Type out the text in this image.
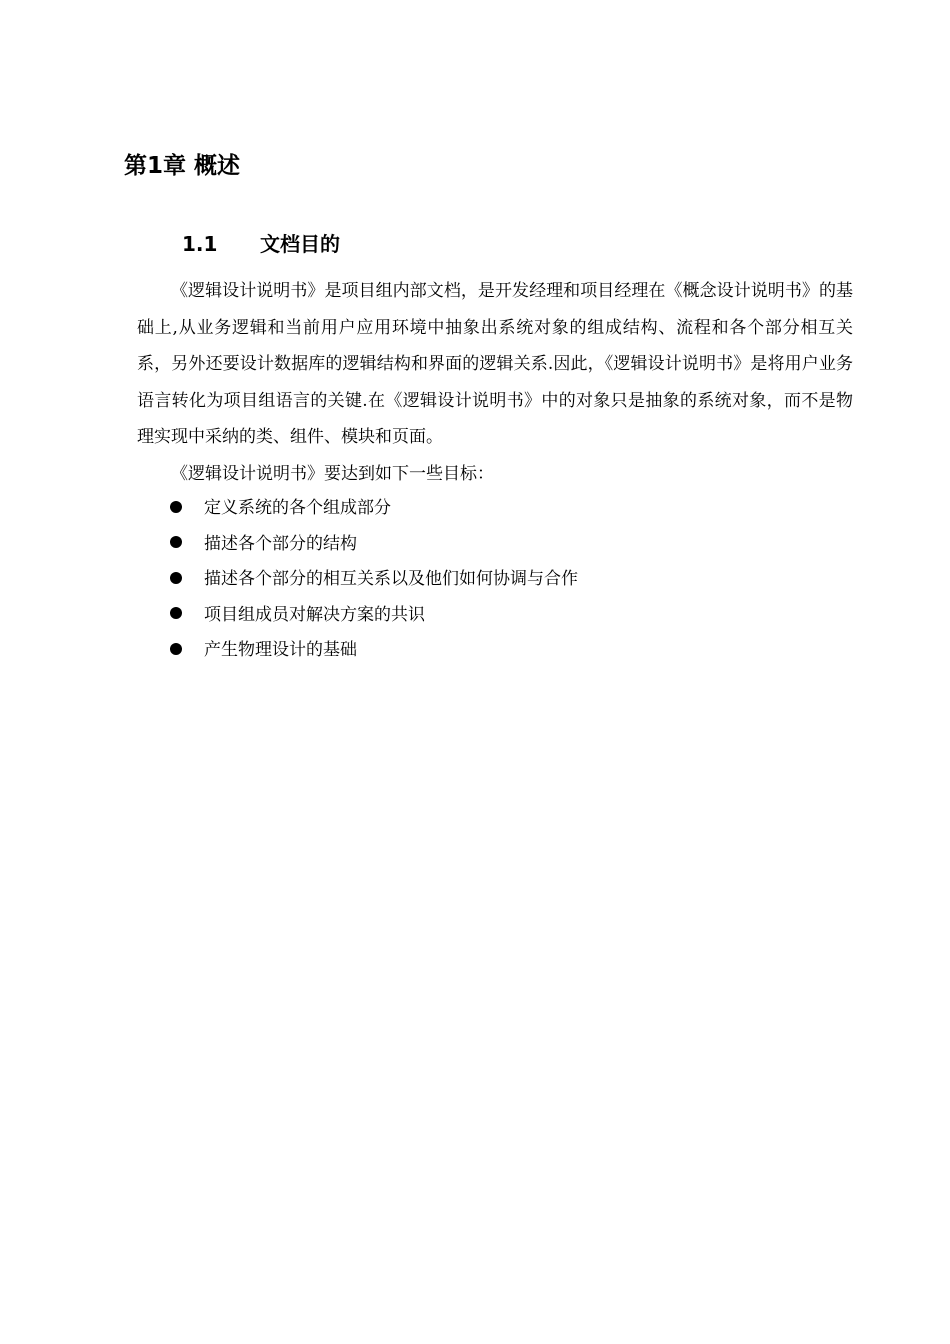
第1章 概述
1.1 文档目的

《逻辑设计说明书》是项目组内部文档，是开发经理和项目经理在《概念设计说明书》的基础上,从业务逻辑和当前用户应用环境中抽象出系统对象的组成结构、流程和各个部分相互关系，另外还要设计数据库的逻辑结构和界面的逻辑关系.因此，《逻辑设计说明书》是将用户业务语言转化为项目组语言的关键.在《逻辑设计说明书》中的对象只是抽象的系统对象，而不是物理实现中采纳的类、组件、模块和页面。

《逻辑设计说明书》要达到如下一些目标：

定义系统的各个组成部分
描述各个部分的结构
描述各个部分的相互关系以及他们如何协调与合作
项目组成员对解决方案的共识
产生物理设计的基础
